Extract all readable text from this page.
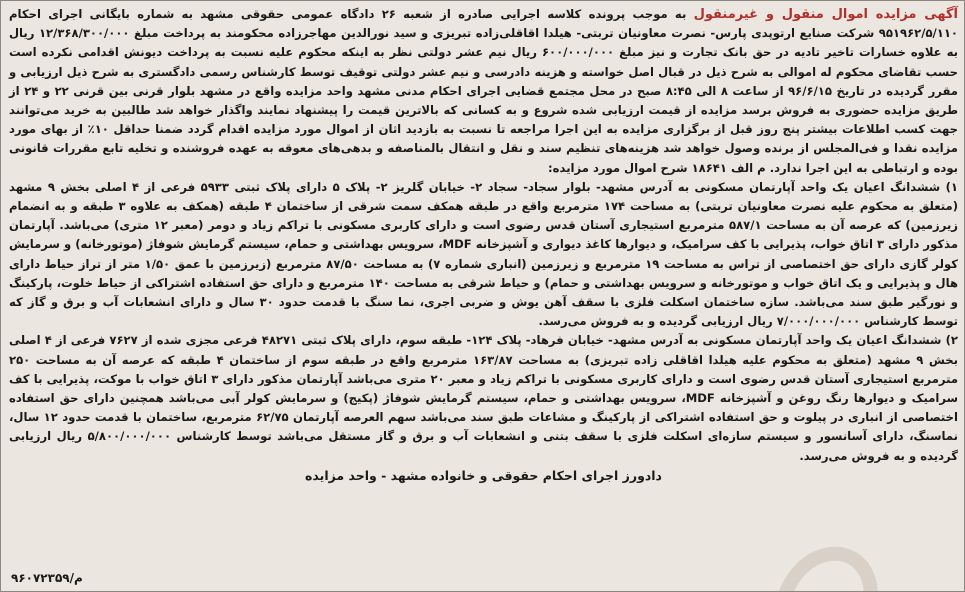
آگهی مزایده اموال منقول و غیرمنقول به موجب پرونده کلاسه اجرایی صادره از شعبه ۲۶ دادگاه عمومی حقوقی مشهد به شماره بایگانی اجرای احکام ۹۵۱۹۶۲/۵/۱۱۰ شرکت صنایع ارتوپدی پارس- نصرت معاونیان تربتی- هیلدا اقاقلی‌زاده تبریزی و سید نورالدین مهاجرزاده محکومند به پرداخت مبلغ ۱۲/۳۶۸/۳۰۰/۰۰۰ ریال به علاوه خسارات تاخیر تادیه در حق بانک تجارت و نیز مبلغ ۶۰۰/۰۰۰/۰۰۰ ریال نیم عشر دولتی نظر به اینکه محکوم علیه نسبت به پرداخت دیونش اقدامی نکرده است حسب تقاضای محکوم له اموالی به شرح ذیل در قبال اصل خواسته و هزینه دادرسی و نیم عشر دولتی توقیف توسط کارشناس رسمی دادگستری به شرح ذیل ارزیابی و مقرر گردیده در تاریخ ۹۶/۶/۱۵ از ساعت ۸ الی ۸:۴۵ صبح در محل مجتمع قضایی اجرای احکام مدنی مشهد واحد مزایده واقع در مشهد بلوار قرنی بین قرنی ۲۲ و ۲۴ از طریق مزایده حضوری به فروش برسد مزایده از قیمت ارزیابی شده شروع و به کسانی که بالاترین قیمت را پیشنهاد نمایند واگذار خواهد شد طالبین به خرید می‌توانند جهت کسب اطلاعات بیشتر پنج روز قبل از برگزاری مزایده به این اجرا مراجعه تا نسبت به بازدید اثان از اموال مورد مزایده اقدام گردد ضمنا حداقل ۱۰٪ از بهای مورد مزایده نقدا و فی‌المجلس از برنده وصول خواهد شد هزینه‌های تنظیم سند و نقل و انتقال بالمناصفه و بدهی‌های معوقه به عهده فروشنده و تخلیه تابع مقررات قانونی بوده و ارتباطی به این اجرا ندارد. م الف ۱۸۶۴۱ شرح اموال مورد مزایده:

۱) ششدانگ اعیان یک واحد آپارتمان مسکونی به آدرس مشهد- بلوار سجاد- سجاد ۲- خیابان گلریز ۲- پلاک ۵ دارای پلاک ثبتی ۵۹۳۳ فرعی از ۴ اصلی بخش ۹ مشهد (متعلق به محکوم علیه نصرت معاونیان تربتی) به مساحت ۱۷۴ مترمربع واقع در طبقه همکف سمت شرقی از ساختمان ۴ طبقه (همکف به علاوه ۳ طبقه و به انضمام زیرزمین) که عرصه آن به مساحت ۵۸۷/۱ مترمربع استیجاری آستان قدس رضوی است و دارای کاربری مسکونی با تراکم زیاد و دومر (معبر ۱۲ متری) می‌باشد. آپارتمان مذکور دارای ۳ اتاق خواب، پذیرایی با کف سرامیک، و دیوارها کاغذ دیواری و آشپزخانه MDF، سرویس بهداشتی و حمام، سیستم گرمایش شوفاژ (موتورخانه) و سرمایش کولر گازی دارای حق اختصاصی از تراس به مساحت ۱۹ مترمربع و زیرزمین (انباری شماره ۷) به مساحت ۸۷/۵۰ مترمربع (زیرزمین با عمق ۱/۵۰ متر از تراز حیاط دارای هال و پذیرایی و یک اتاق خواب و موتورخانه و سرویس بهداشتی و حمام) و حیاط شرقی به مساحت ۱۴۰ مترمربع و دارای حق استفاده اشتراکی از حیاط خلوت، پارکینگ و نورگیر طبق سند می‌باشد. سازه ساختمان اسکلت فلزی با سقف آهن یوش و ضربی اجری، نما سنگ با قدمت حدود ۳۰ سال و دارای انشعابات آب و برق و گاز که توسط کارشناس ۷/۰۰۰/۰۰۰/۰۰۰ ریال ارزیابی گردیده و به فروش می‌رسد.

۲) ششدانگ اعیان یک واحد آپارتمان مسکونی به آدرس مشهد- خیابان فرهاد- پلاک ۱۲۴- طبقه سوم، دارای پلاک ثبتی ۴۸۲۷۱ فرعی مجزی شده از ۷۶۲۷ فرعی از ۴ اصلی بخش ۹ مشهد (متعلق به محکوم علیه هیلدا اقاقلی زاده تبریزی) به مساحت ۱۶۳/۸۷ مترمربع واقع در طبقه سوم از ساختمان ۴ طبقه که عرصه آن به مساحت ۲۵۰ مترمربع استیجاری آستان قدس رضوی است و دارای کاربری مسکونی با تراکم زیاد و معبر ۲۰ متری می‌باشد آپارتمان مذکور دارای ۳ اتاق خواب با موکت، پذیرایی با کف سرامیک و دیوارها رنگ روغن و آشپزخانه MDF، سرویس بهداشتی و حمام، سیستم گرمایش شوفاژ (پکیج) و سرمایش کولر آبی می‌باشد همچنین دارای حق استفاده اختصاصی از انباری در پیلوت و حق استفاده اشتراکی از پارکینگ و مشاعات طبق سند می‌باشد سهم العرصه آپارتمان ۶۲/۷۵ مترمربع، ساختمان با قدمت حدود ۱۲ سال، نماسنگ، دارای آسانسور و سیستم سازه‌ای اسکلت فلزی با سقف بتنی و انشعابات آب و برق و گاز مستقل می‌باشد توسط کارشناس ۵/۸۰۰/۰۰۰/۰۰۰ ریال ارزیابی گردیده و به فروش می‌رسد.

دادورز اجرای احکام حقوقی و خانواده مشهد - واحد مزایده

م/۹۶۰۷۲۳۵۹
